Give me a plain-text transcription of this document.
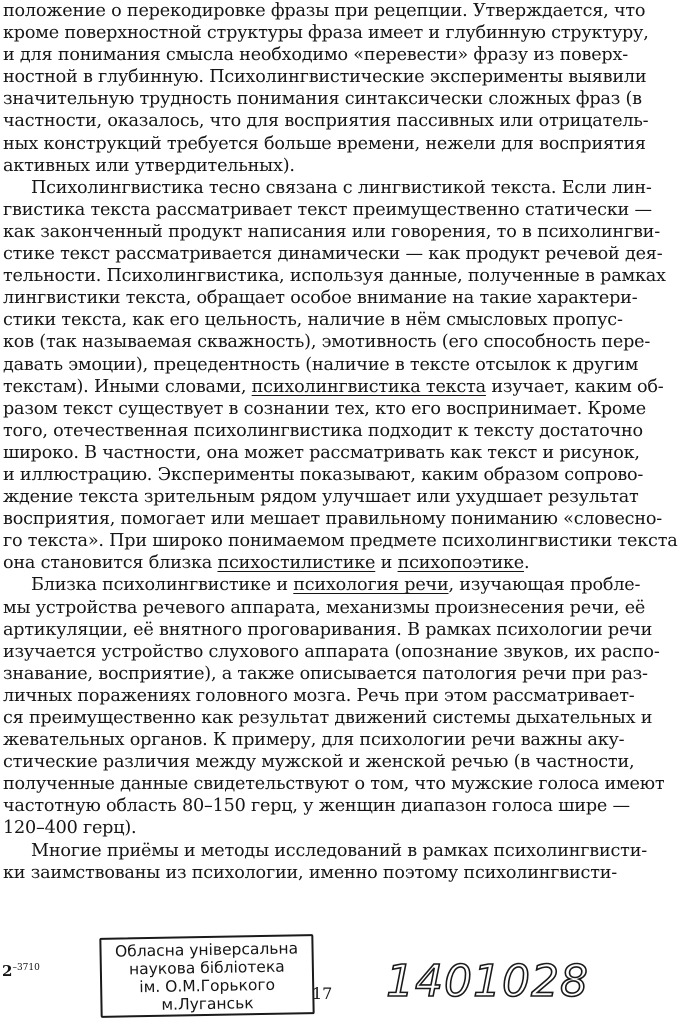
положение о перекодировке фразы при рецепции. Утверждается, что
кроме поверхностной структуры фраза имеет и глубинную структуру,
и для понимания смысла необходимо «перевести» фразу из поверх-
ностной в глубинную. Психолингвистические эксперименты выявили
значительную трудность понимания синтаксически сложных фраз (в
частности, оказалось, что для восприятия пассивных или отрицатель-
ных конструкций требуется больше времени, нежели для восприятия
активных или утвердительных).
Психолингвистика тесно связана с лингвистикой текста. Если лин-
гвистика текста рассматривает текст преимущественно статически —
как законченный продукт написания или говорения, то в психолингви-
стике текст рассматривается динамически — как продукт речевой дея-
тельности. Психолингвистика, используя данные, полученные в рамках
лингвистики текста, обращает особое внимание на такие характери-
стики текста, как его цельность, наличие в нём смысловых пропус-
ков (так называемая скважность), эмотивность (его способность пере-
давать эмоции), прецедентность (наличие в тексте отсылок к другим
текстам). Иными словами, психолингвистика текста изучает, каким об-
разом текст существует в сознании тех, кто его воспринимает. Кроме
того, отечественная психолингвистика подходит к тексту достаточно
широко. В частности, она может рассматривать как текст и рисунок,
и иллюстрацию. Эксперименты показывают, каким образом сопрово-
ждение текста зрительным рядом улучшает или ухудшает результат
восприятия, помогает или мешает правильному пониманию «словесно-
го текста». При широко понимаемом предмете психолингвистики текста
она становится близка психостилистике и психопоэтике.
Близка психолингвистике и психология речи, изучающая пробле-
мы устройства речевого аппарата, механизмы произнесения речи, её
артикуляции, её внятного проговаривания. В рамках психологии речи
изучается устройство слухового аппарата (опознание звуков, их распо-
знавание, восприятие), а также описывается патология речи при раз-
личных поражениях головного мозга. Речь при этом рассматривает-
ся преимущественно как результат движений системы дыхательных и
жевательных органов. К примеру, для психологии речи важны аку-
стические различия между мужской и женской речью (в частности,
полученные данные свидетельствуют о том, что мужские голоса имеют
частотную область 80–150 герц, у женщин диапазон голоса шире —
120–400 герц).
Многие приёмы и методы исследований в рамках психолингвисти-
ки заимствованы из психологии, именно поэтому психолингвисти-
$2^{-3710}$
Обласна універсальна
наукова бібліотека
ім. О.М.Горького
м.Луганськ
17 1401028
